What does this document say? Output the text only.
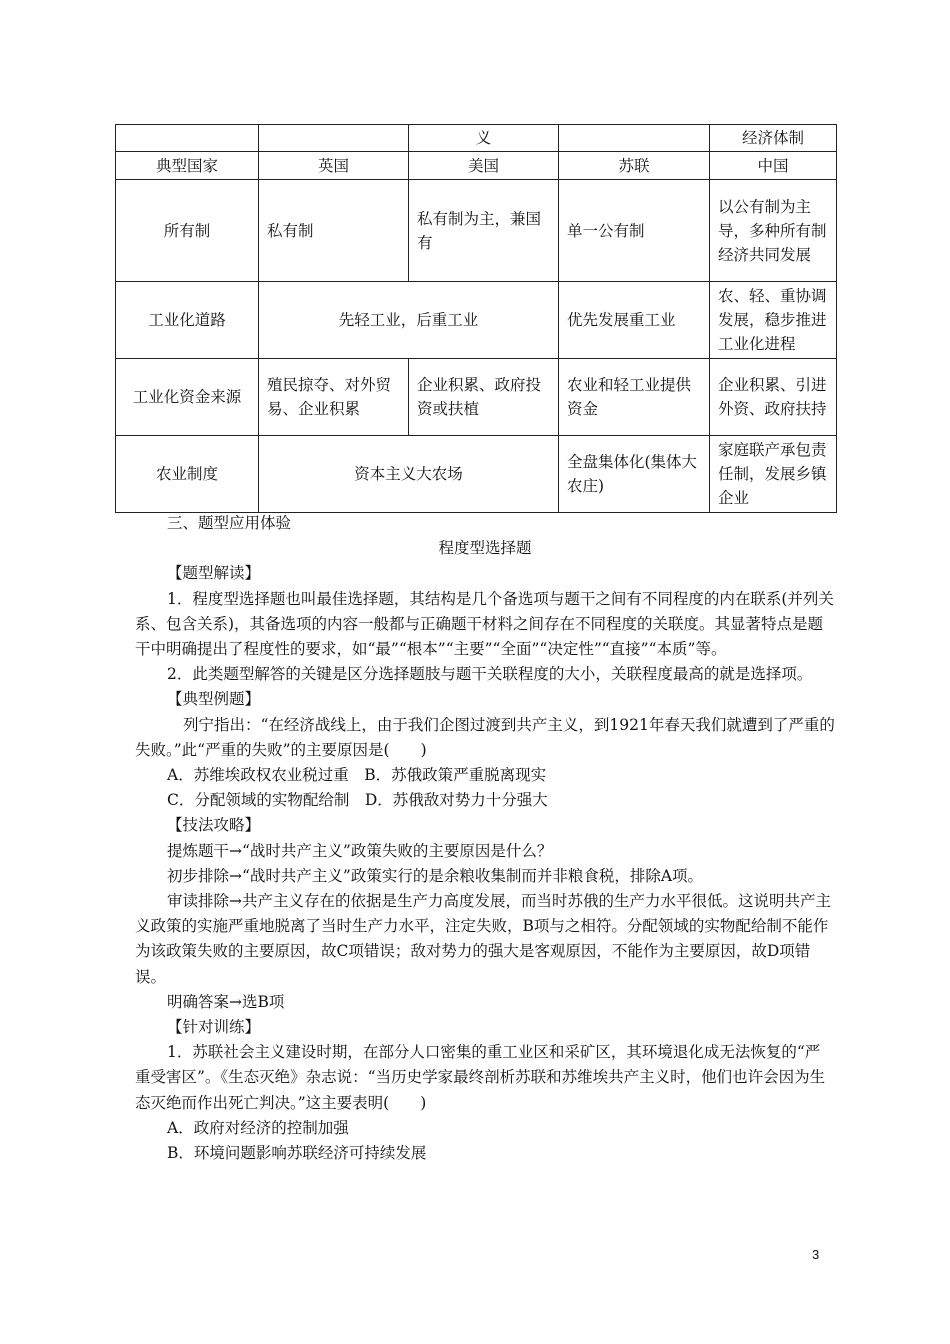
		义		经济体制
典型国家	英国	美国	苏联	中国
所有制	私有制	私有制为主，兼国有	单一公有制	以公有制为主导，多种所有制经济共同发展
工业化道路	先轻工业，后重工业		优先发展重工业	农、轻、重协调发展，稳步推进工业化进程
工业化资金来源	殖民掠夺、对外贸易、企业积累	企业积累、政府投资或扶植	农业和轻工业提供资金	企业积累、引进外资、政府扶持
农业制度	资本主义大农场		全盘集体化(集体大农庄)	家庭联产承包责任制，发展乡镇企业

三、题型应用体验

程度型选择题

【题型解读】

1．程度型选择题也叫最佳选择题，其结构是几个备选项与题干之间有不同程度的内在联系(并列关系、包含关系)，其备选项的内容一般都与正确题干材料之间存在不同程度的关联度。其显著特点是题干中明确提出了程度性的要求，如“最”“根本”“主要”“全面”“决定性”“直接”“本质”等。

2．此类题型解答的关键是区分选择题肢与题干关联程度的大小，关联程度最高的就是选择项。

【典型例题】

列宁指出：“在经济战线上，由于我们企图过渡到共产主义，到1921年春天我们就遭到了严重的失败。”此“严重的失败”的主要原因是(　　)

A．苏维埃政权农业税过重　B．苏俄政策严重脱离现实

C．分配领域的实物配给制　D．苏俄敌对势力十分强大

【技法攻略】

提炼题干→“战时共产主义”政策失败的主要原因是什么？

初步排除→“战时共产主义”政策实行的是余粮收集制而并非粮食税，排除A项。

审读排除→共产主义存在的依据是生产力高度发展，而当时苏俄的生产力水平很低。这说明共产主义政策的实施严重地脱离了当时生产力水平，注定失败，B项与之相符。分配领域的实物配给制不能作为该政策失败的主要原因，故C项错误；敌对势力的强大是客观原因，不能作为主要原因，故D项错误。

明确答案→选B项

【针对训练】

1．苏联社会主义建设时期，在部分人口密集的重工业区和采矿区，其环境退化成无法恢复的“严重受害区”。《生态灭绝》杂志说：“当历史学家最终剖析苏联和苏维埃共产主义时，他们也许会因为生态灭绝而作出死亡判决。”这主要表明(　　)

A．政府对经济的控制加强

B．环境问题影响苏联经济可持续发展

3
